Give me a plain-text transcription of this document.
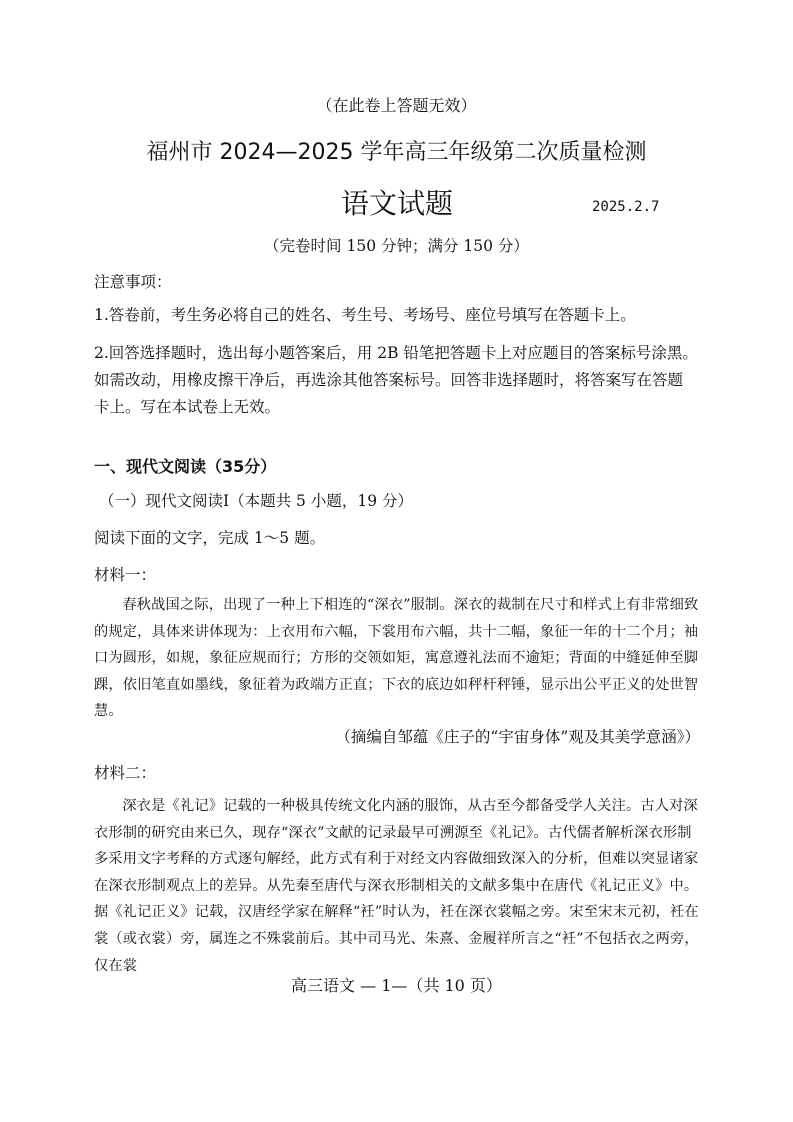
（在此卷上答题无效）
福州市 2024—2025 学年高三年级第二次质量检测
语文试题	2025.2.7
（完卷时间 150 分钟；满分 150 分）
注意事项：
1.答卷前，考生务必将自己的姓名、考生号、考场号、座位号填写在答题卡上。
2.回答选择题时，选出每小题答案后，用 2B 铅笔把答题卡上对应题目的答案标号涂黑。如需改动，用橡皮擦干净后，再选涂其他答案标号。回答非选择题时，将答案写在答题卡上。写在本试卷上无效。
一、现代文阅读（35分）
（一）现代文阅读Ⅰ（本题共 5 小题，19 分）
阅读下面的文字，完成 1～5 题。
材料一：
春秋战国之际，出现了一种上下相连的“深衣”服制。深衣的裁制在尺寸和样式上有非常细致的规定，具体来讲体现为：上衣用布六幅，下裳用布六幅，共十二幅，象征一年的十二个月；袖口为圆形，如规，象征应规而行；方形的交领如矩，寓意遵礼法而不逾矩；背面的中缝延伸至脚踝，依旧笔直如墨线，象征着为政端方正直；下衣的底边如秤杆秤锤，显示出公平正义的处世智慧。
（摘编自邹蕴《庄子的“宇宙身体”观及其美学意涵》）
材料二：
深衣是《礼记》记载的一种极具传统文化内涵的服饰，从古至今都备受学人关注。古人对深衣形制的研究由来已久，现存“深衣”文献的记录最早可溯源至《礼记》。古代儒者解析深衣形制多采用文字考释的方式逐句解经，此方式有利于对经文内容做细致深入的分析，但难以突显诸家在深衣形制观点上的差异。从先秦至唐代与深衣形制相关的文献多集中在唐代《礼记正义》中。据《礼记正义》记载，汉唐经学家在解释“衽”时认为，衽在深衣裳幅之旁。宋至宋末元初，衽在裳（或衣裳）旁，属连之不殊裳前后。其中司马光、朱熹、金履祥所言之“衽”不包括衣之两旁，仅在裳
高三语文 — 1—（共 10 页）
